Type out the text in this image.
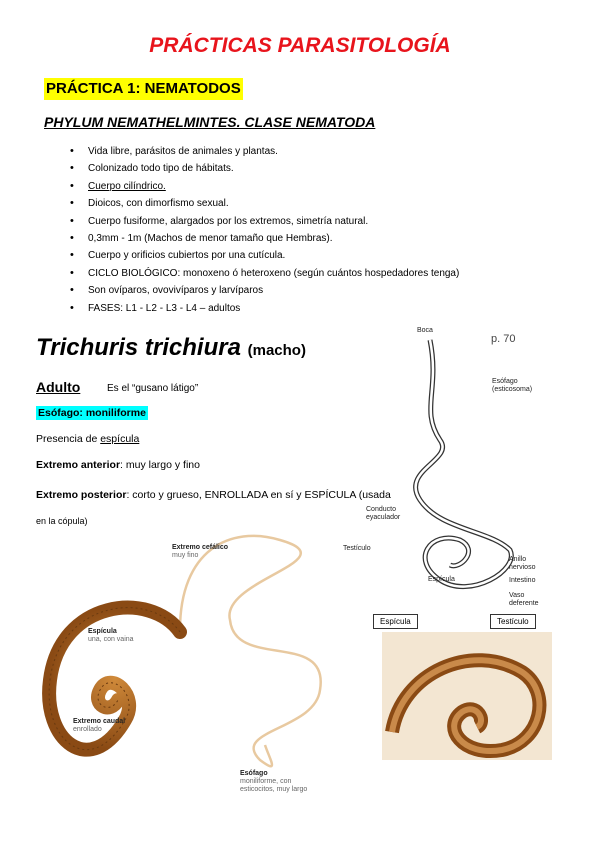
PRÁCTICAS PARASITOLOGÍA
PRÁCTICA 1: NEMATODOS
PHYLUM NEMATHELMINTES. CLASE NEMATODA
• Vida libre, parásitos de animales y plantas.
• Colonizado todo tipo de hábitats.
• Cuerpo cilíndrico.
• Dioicos, con dimorfismo sexual.
• Cuerpo fusiforme, alargados por los extremos, simetría natural.
• 0,3mm - 1m (Machos de menor tamaño que Hembras).
• Cuerpo y orificios cubiertos por una cutícula.
• CICLO BIOLÓGICO: monoxeno ó heteroxeno (según cuántos hospedadores tenga)
• Son ovíparos, ovovivíparos y larvíparos
• FASES: L1 - L2 - L3 - L4 – adultos
Trichuris trichiura (macho)
Adulto	Es el “gusano látigo”
Esófago: moniliforme
Presencia de espícula
Extremo anterior: muy largo y fino
Extremo posterior: corto y grueso, ENROLLADA en sí y ESPÍCULA (usada
en la cópula)
Extremo cefálico
muy fino
Espícula
una, con vaina
Extremo caudal
enrollado
Esófago
moniliforme, con esticocitos, muy largo
p. 70
Boca
Esófago (esticosoma)
Conducto eyaculador
Testículo
Anillo nervioso
Intestino
Espícula
Vaso deferente
Espícula	Testículo
